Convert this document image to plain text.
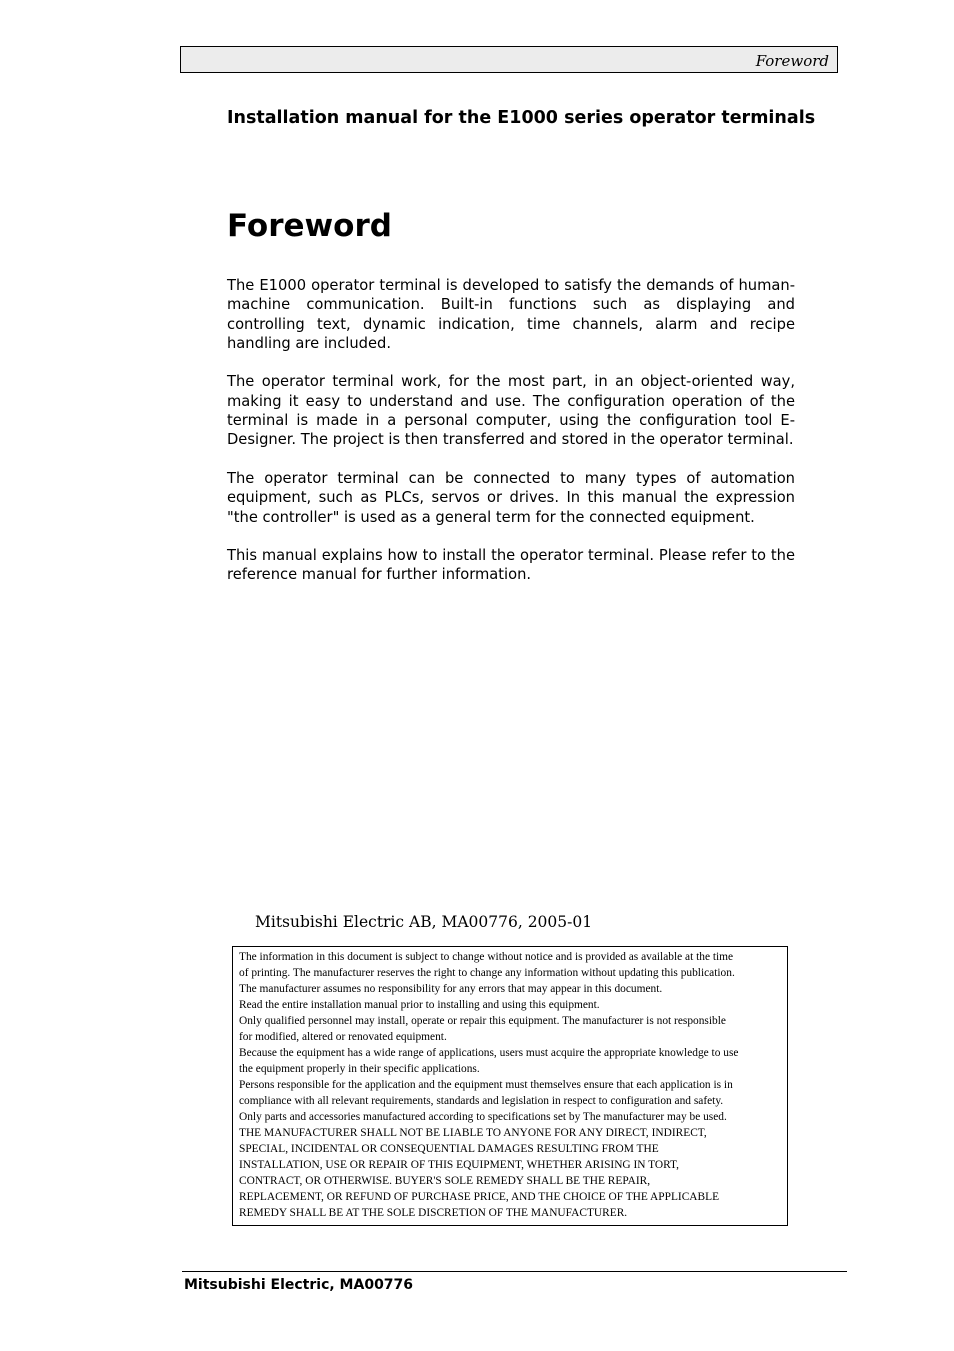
Foreword
Installation manual for the E1000 series operator terminals
Foreword

The E1000 operator terminal is developed to satisfy the demands of human-machine communication. Built-in functions such as displaying and controlling text, dynamic indication, time channels, alarm and recipe handling are included.

The operator terminal work, for the most part, in an object-oriented way, making it easy to understand and use. The configuration operation of the terminal is made in a personal computer, using the configuration tool E-Designer. The project is then transferred and stored in the operator terminal.

The operator terminal can be connected to many types of automation equipment, such as PLCs, servos or drives. In this manual the expression "the controller" is used as a general term for the connected equipment.

This manual explains how to install the operator terminal. Please refer to the reference manual for further information.

Mitsubishi Electric AB, MA00776, 2005-01
The information in this document is subject to change without notice and is provided as available at the time
of printing. The manufacturer reserves the right to change any information without updating this publication.
The manufacturer assumes no responsibility for any errors that may appear in this document.
Read the entire installation manual prior to installing and using this equipment.
Only qualified personnel may install, operate or repair this equipment. The manufacturer is not responsible
for modified, altered or renovated equipment.
Because the equipment has a wide range of applications, users must acquire the appropriate knowledge to use
the equipment properly in their specific applications.
Persons responsible for the application and the equipment must themselves ensure that each application is in
compliance with all relevant requirements, standards and legislation in respect to configuration and safety.
Only parts and accessories manufactured according to specifications set by The manufacturer may be used.
THE MANUFACTURER SHALL NOT BE LIABLE TO ANYONE FOR ANY DIRECT, INDIRECT,
SPECIAL, INCIDENTAL OR CONSEQUENTIAL DAMAGES RESULTING FROM THE
INSTALLATION, USE OR REPAIR OF THIS EQUIPMENT, WHETHER ARISING IN TORT,
CONTRACT, OR OTHERWISE. BUYER'S SOLE REMEDY SHALL BE THE REPAIR,
REPLACEMENT, OR REFUND OF PURCHASE PRICE, AND THE CHOICE OF THE APPLICABLE
REMEDY SHALL BE AT THE SOLE DISCRETION OF THE MANUFACTURER.
Mitsubishi Electric, MA00776
